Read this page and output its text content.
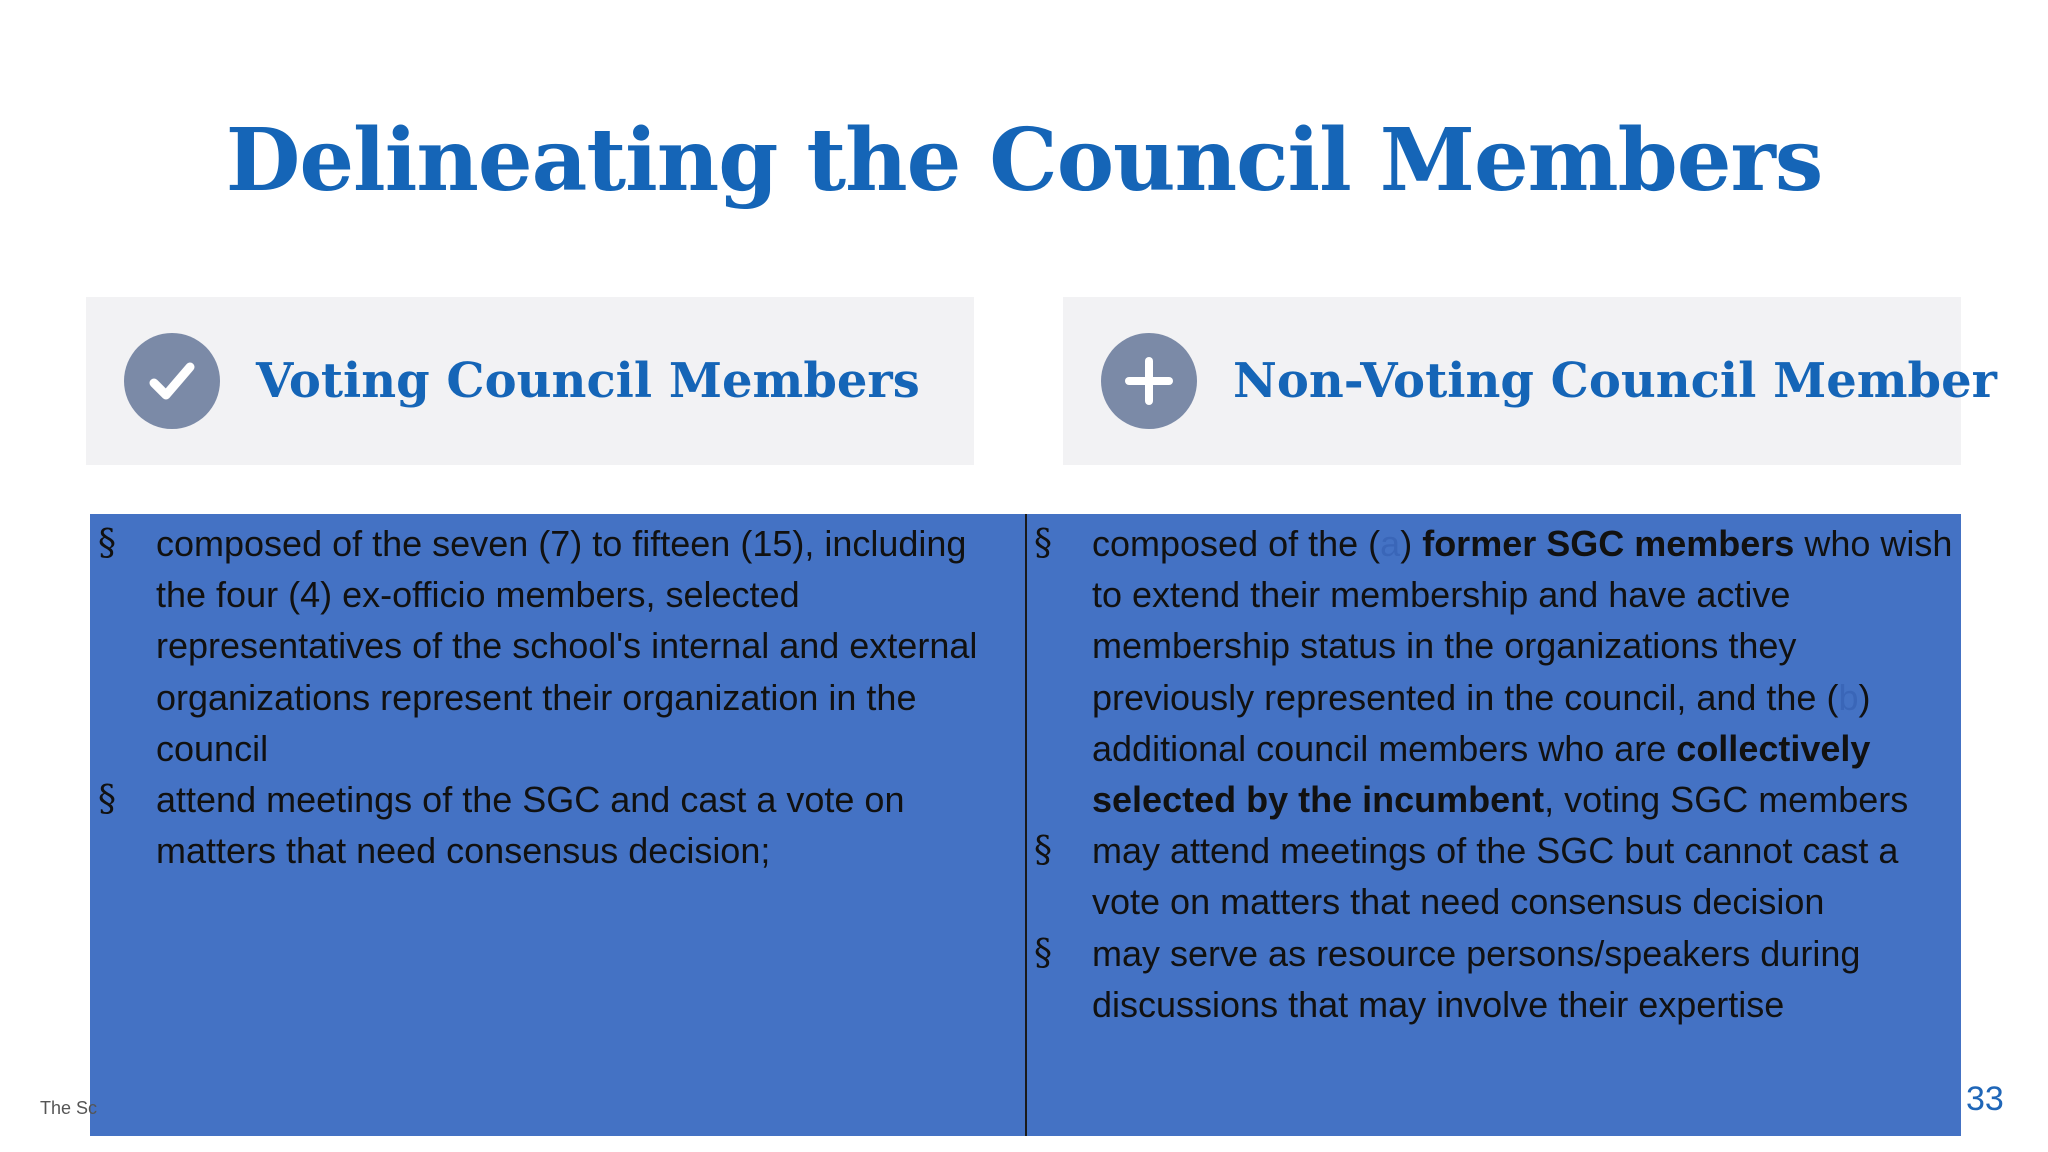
Delineating the Council Members
Voting Council Members	Non-Voting Council Member
§ composed of the seven (7) to fifteen (15), including the four (4) ex-officio members, selected representatives of the school's internal and external organizations represent their organization in the council
§ attend meetings of the SGC and cast a vote on matters that need consensus decision;
§ composed of the (a) former SGC members who wish to extend their membership and have active membership status in the organizations they previously represented in the council, and the (b) additional council members who are collectively selected by the incumbent, voting SGC members
§ may attend meetings of the SGC but cannot cast a vote on matters that need consensus decision
§ may serve as resource persons/speakers during discussions that may involve their expertise
The Sc	33
